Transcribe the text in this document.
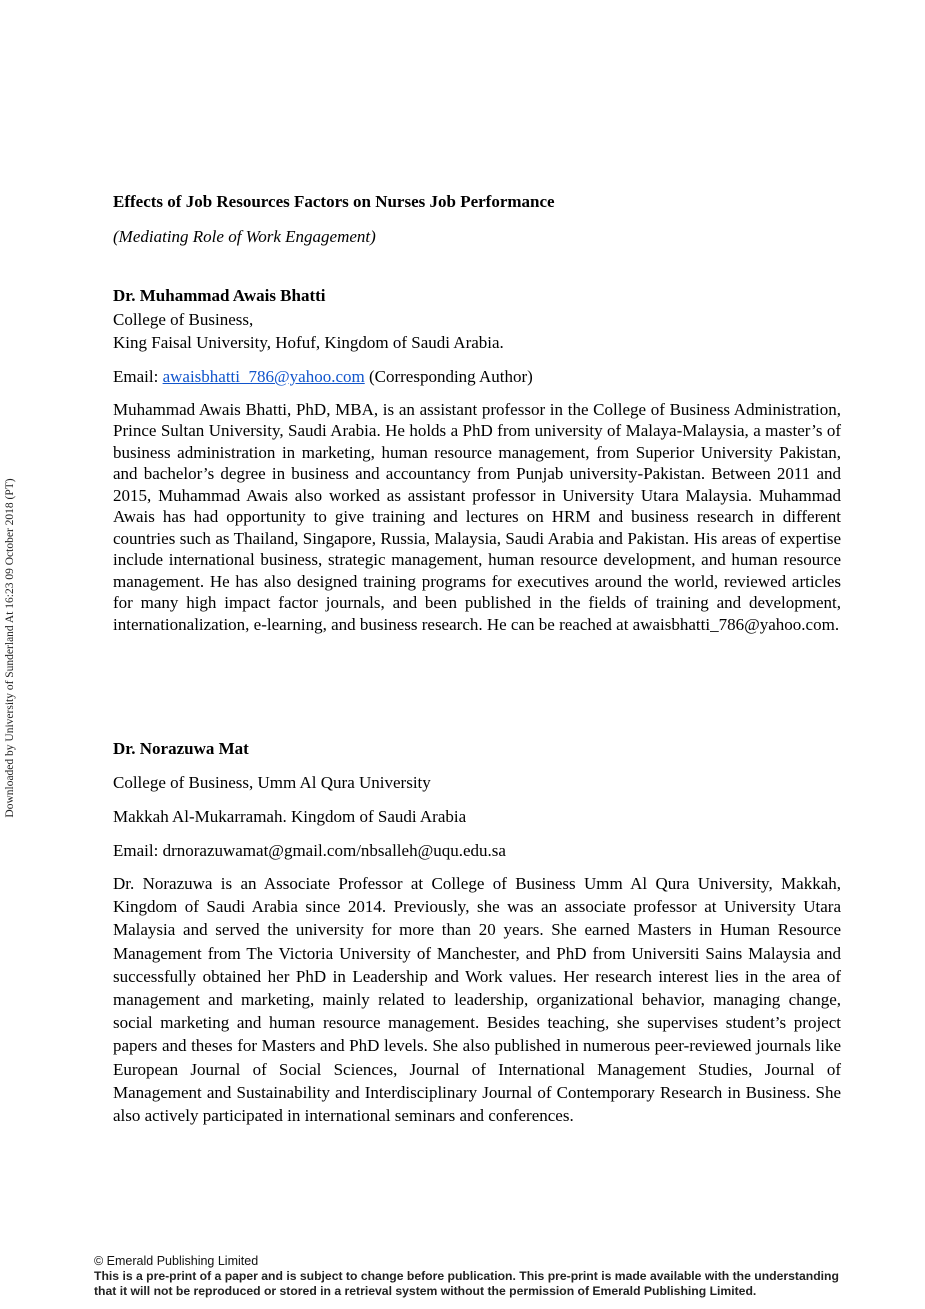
Downloaded by University of Sunderland At 16:23 09 October 2018 (PT)
Effects of Job Resources Factors on Nurses Job Performance
(Mediating Role of Work Engagement)
Dr. Muhammad Awais Bhatti
College of Business,
King Faisal University, Hofuf, Kingdom of Saudi Arabia.
Email: awaisbhatti_786@yahoo.com (Corresponding Author)

Muhammad Awais Bhatti, PhD, MBA, is an assistant professor in the College of Business Administration, Prince Sultan University, Saudi Arabia. He holds a PhD from university of Malaya-Malaysia, a master’s of business administration in marketing, human resource management, from Superior University Pakistan, and bachelor’s degree in business and accountancy from Punjab university-Pakistan. Between 2011 and 2015, Muhammad Awais also worked as assistant professor in University Utara Malaysia. Muhammad Awais has had opportunity to give training and lectures on HRM and business research in different countries such as Thailand, Singapore, Russia, Malaysia, Saudi Arabia and Pakistan. His areas of expertise include international business, strategic management, human resource development, and human resource management. He has also designed training programs for executives around the world, reviewed articles for many high impact factor journals, and been published in the fields of training and development, internationalization, e-learning, and business research. He can be reached at awaisbhatti_786@yahoo.com.

Dr. Norazuwa Mat
College of Business, Umm Al Qura University
Makkah Al-Mukarramah. Kingdom of Saudi Arabia
Email: drnorazuwamat@gmail.com/nbsalleh@uqu.edu.sa

Dr. Norazuwa is an Associate Professor at College of Business Umm Al Qura University, Makkah, Kingdom of Saudi Arabia since 2014. Previously, she was an associate professor at University Utara Malaysia and served the university for more than 20 years. She earned Masters in Human Resource Management from The Victoria University of Manchester, and PhD from Universiti Sains Malaysia and successfully obtained her PhD in Leadership and Work values. Her research interest lies in the area of management and marketing, mainly related to leadership, organizational behavior, managing change, social marketing and human resource management. Besides teaching, she supervises student’s project papers and theses for Masters and PhD levels. She also published in numerous peer-reviewed journals like European Journal of Social Sciences, Journal of International Management Studies, Journal of Management and Sustainability and Interdisciplinary Journal of Contemporary Research in Business. She also actively participated in international seminars and conferences.

© Emerald Publishing Limited
This is a pre-print of a paper and is subject to change before publication. This pre-print is made available with the understanding
that it will not be reproduced or stored in a retrieval system without the permission of Emerald Publishing Limited.
